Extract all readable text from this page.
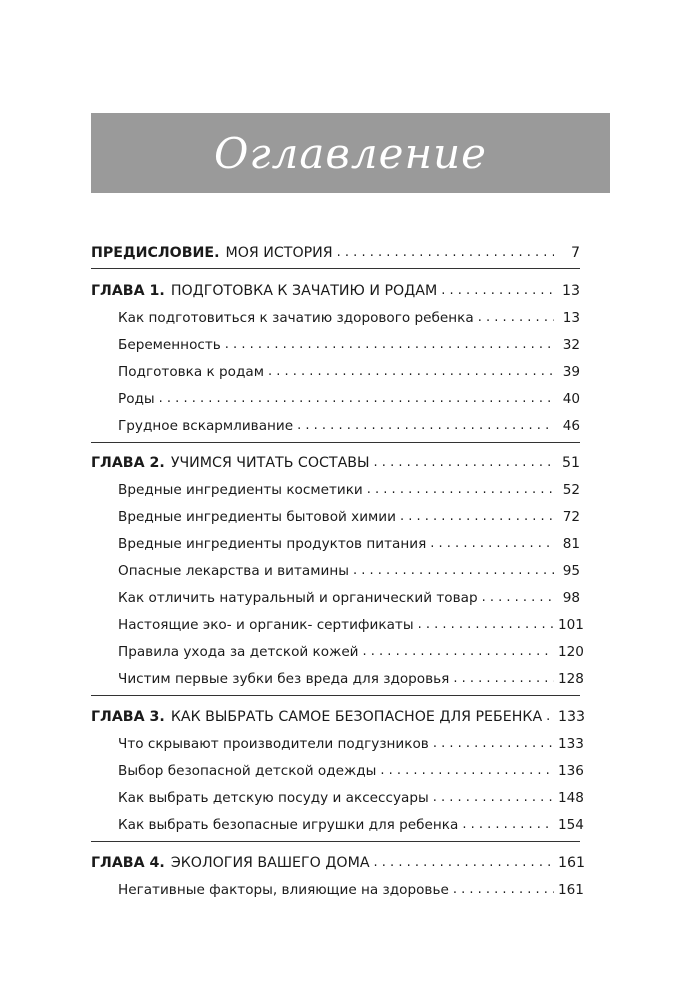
Оглавление
ПРЕДИСЛОВИЕ. МОЯ ИСТОРИЯ . . .	7
ГЛАВА 1. ПОДГОТОВКА К ЗАЧАТИЮ И РОДАМ . . .	13
Как подготовиться к зачатию здорового ребенка . . .	13
Беременность . . .	32
Подготовка к родам . . .	39
Роды . . .	40
Грудное вскармливание . . .	46
ГЛАВА 2. УЧИМСЯ ЧИТАТЬ СОСТАВЫ . . .	51
Вредные ингредиенты косметики . . .	52
Вредные ингредиенты бытовой химии . . .	72
Вредные ингредиенты продуктов питания . . .	81
Опасные лекарства и витамины . . .	95
Как отличить натуральный и органический товар . . .	98
Настоящие эко- и органик- сертификаты . . .	101
Правила ухода за детской кожей . . .	120
Чистим первые зубки без вреда для здоровья . . .	128
ГЛАВА 3. КАК ВЫБРАТЬ САМОЕ БЕЗОПАСНОЕ ДЛЯ РЕБЕНКА . . . 133
Что скрывают производители подгузников . . .	133
Выбор безопасной детской одежды . . .	136
Как выбрать детскую посуду и аксессуары . . .	148
Как выбрать безопасные игрушки для ребенка . . .	154
ГЛАВА 4. ЭКОЛОГИЯ ВАШЕГО ДОМА . . .	161
Негативные факторы, влияющие на здоровье . . .	161
